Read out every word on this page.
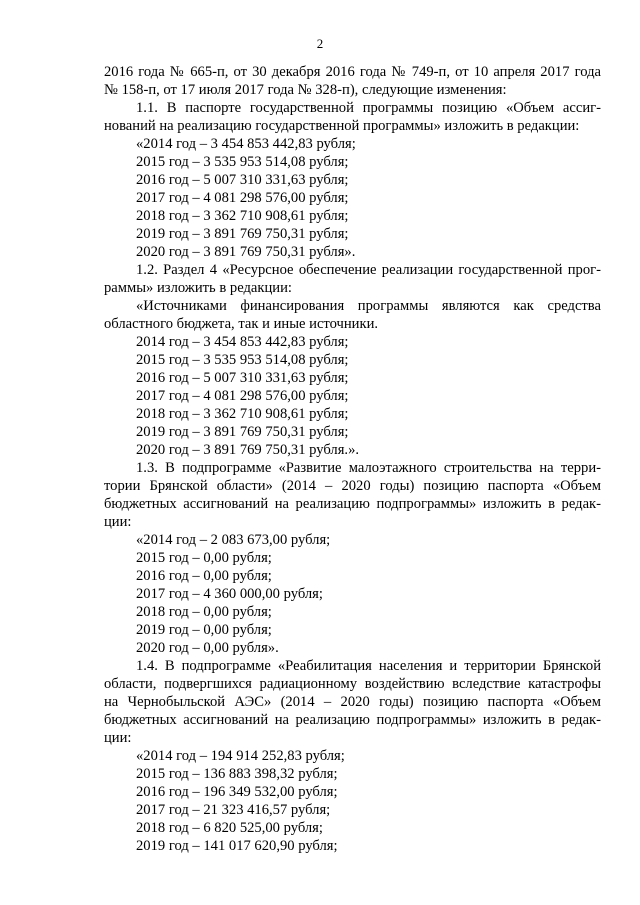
2
2016 года № 665-п, от 30 декабря 2016 года № 749-п, от 10 апреля 2017 года
№ 158-п, от 17 июля 2017 года № 328-п), следующие изменения:
1.1. В паспорте государственной программы позицию «Объем ассиг-
нований на реализацию государственной программы» изложить в редакции:
«2014 год – 3 454 853 442,83 рубля;
2015 год – 3 535 953 514,08 рубля;
2016 год – 5 007 310 331,63 рубля;
2017 год – 4 081 298 576,00 рубля;
2018 год – 3 362 710 908,61 рубля;
2019 год – 3 891 769 750,31 рубля;
2020 год – 3 891 769 750,31 рубля».
1.2. Раздел 4 «Ресурсное обеспечение реализации государственной прог-
раммы» изложить в редакции:
«Источниками финансирования программы являются как средства
областного бюджета, так и иные источники.
2014 год – 3 454 853 442,83 рубля;
2015 год – 3 535 953 514,08 рубля;
2016 год – 5 007 310 331,63 рубля;
2017 год – 4 081 298 576,00 рубля;
2018 год – 3 362 710 908,61 рубля;
2019 год – 3 891 769 750,31 рубля;
2020 год – 3 891 769 750,31 рубля.».
1.3. В подпрограмме «Развитие малоэтажного строительства на терри-
тории Брянской области» (2014 – 2020 годы) позицию паспорта «Объем
бюджетных ассигнований на реализацию подпрограммы» изложить в редак-
ции:
«2014 год – 2 083 673,00 рубля;
2015 год – 0,00 рубля;
2016 год – 0,00 рубля;
2017 год – 4 360 000,00 рубля;
2018 год – 0,00 рубля;
2019 год – 0,00 рубля;
2020 год – 0,00 рубля».
1.4. В подпрограмме «Реабилитация населения и территории Брянской
области, подвергшихся радиационному воздействию вследствие катастрофы
на Чернобыльской АЭС» (2014 – 2020 годы) позицию паспорта «Объем
бюджетных ассигнований на реализацию подпрограммы» изложить в редак-
ции:
«2014 год – 194 914 252,83 рубля;
2015 год – 136 883 398,32 рубля;
2016 год – 196 349 532,00 рубля;
2017 год – 21 323 416,57 рубля;
2018 год – 6 820 525,00 рубля;
2019 год – 141 017 620,90 рубля;
